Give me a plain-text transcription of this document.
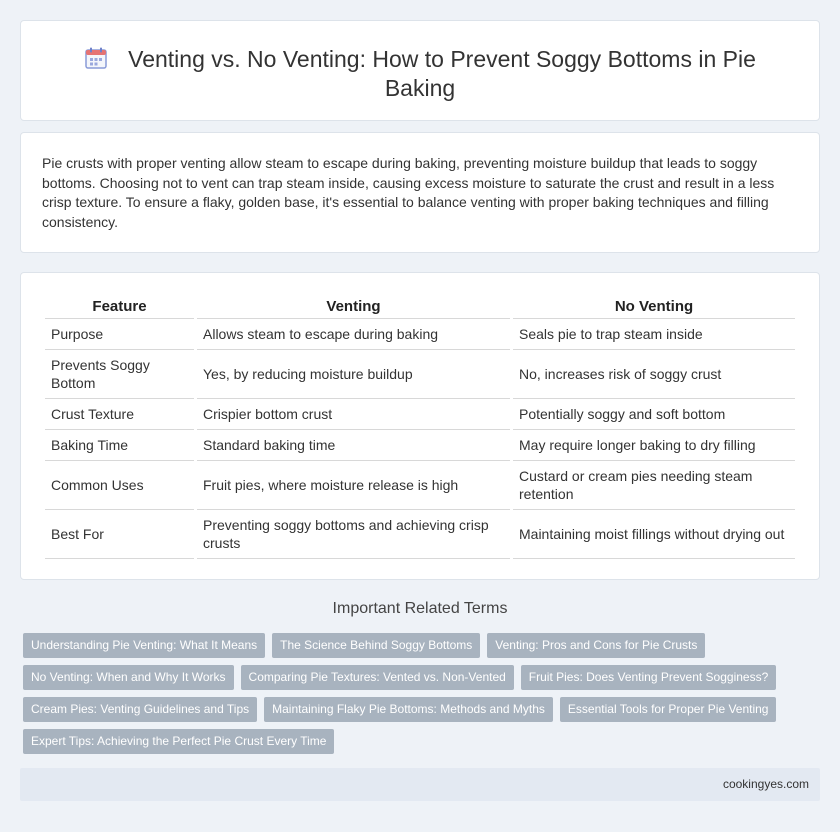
Venting vs. No Venting: How to Prevent Soggy Bottoms in Pie Baking

Pie crusts with proper venting allow steam to escape during baking, preventing moisture buildup that leads to soggy bottoms. Choosing not to vent can trap steam inside, causing excess moisture to saturate the crust and result in a less crisp texture. To ensure a flaky, golden base, it's essential to balance venting with proper baking techniques and filling consistency.

Feature	Venting	No Venting
Purpose	Allows steam to escape during baking	Seals pie to trap steam inside
Prevents Soggy Bottom	Yes, by reducing moisture buildup	No, increases risk of soggy crust
Crust Texture	Crispier bottom crust	Potentially soggy and soft bottom
Baking Time	Standard baking time	May require longer baking to dry filling
Common Uses	Fruit pies, where moisture release is high	Custard or cream pies needing steam retention
Best For	Preventing soggy bottoms and achieving crisp crusts	Maintaining moist fillings without drying out
Important Related Terms
Understanding Pie Venting: What It Means	The Science Behind Soggy Bottoms	Venting: Pros and Cons for Pie Crusts
No Venting: When and Why It Works	Comparing Pie Textures: Vented vs. Non-Vented	Fruit Pies: Does Venting Prevent Sogginess?
Cream Pies: Venting Guidelines and Tips	Maintaining Flaky Pie Bottoms: Methods and Myths	Essential Tools for Proper Pie Venting
Expert Tips: Achieving the Perfect Pie Crust Every Time
cookingyes.com
